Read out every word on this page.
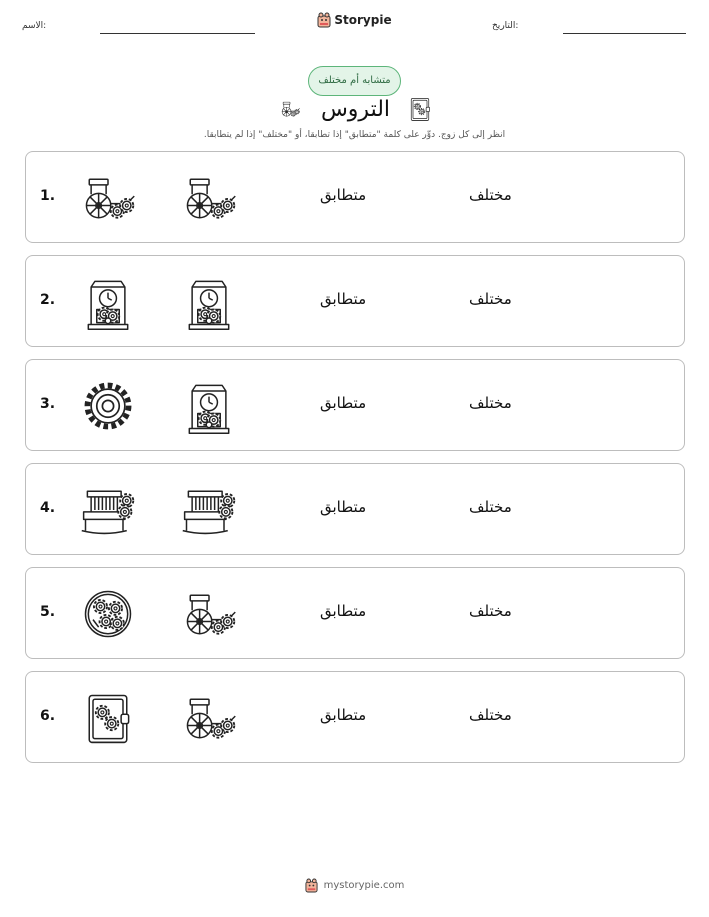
الاسم:	Storypie	التاريخ:
متشابه أم مختلف
التروس
انظر إلى كل زوج. دوِّر على كلمة "متطابق" إذا تطابقا، أو "مختلف" إذا لم يتطابقا.
1.	متطابق	مختلف
2.	متطابق	مختلف
3.	متطابق	مختلف
4.	متطابق	مختلف
5.	متطابق	مختلف
6.	متطابق	مختلف
mystorypie.com
